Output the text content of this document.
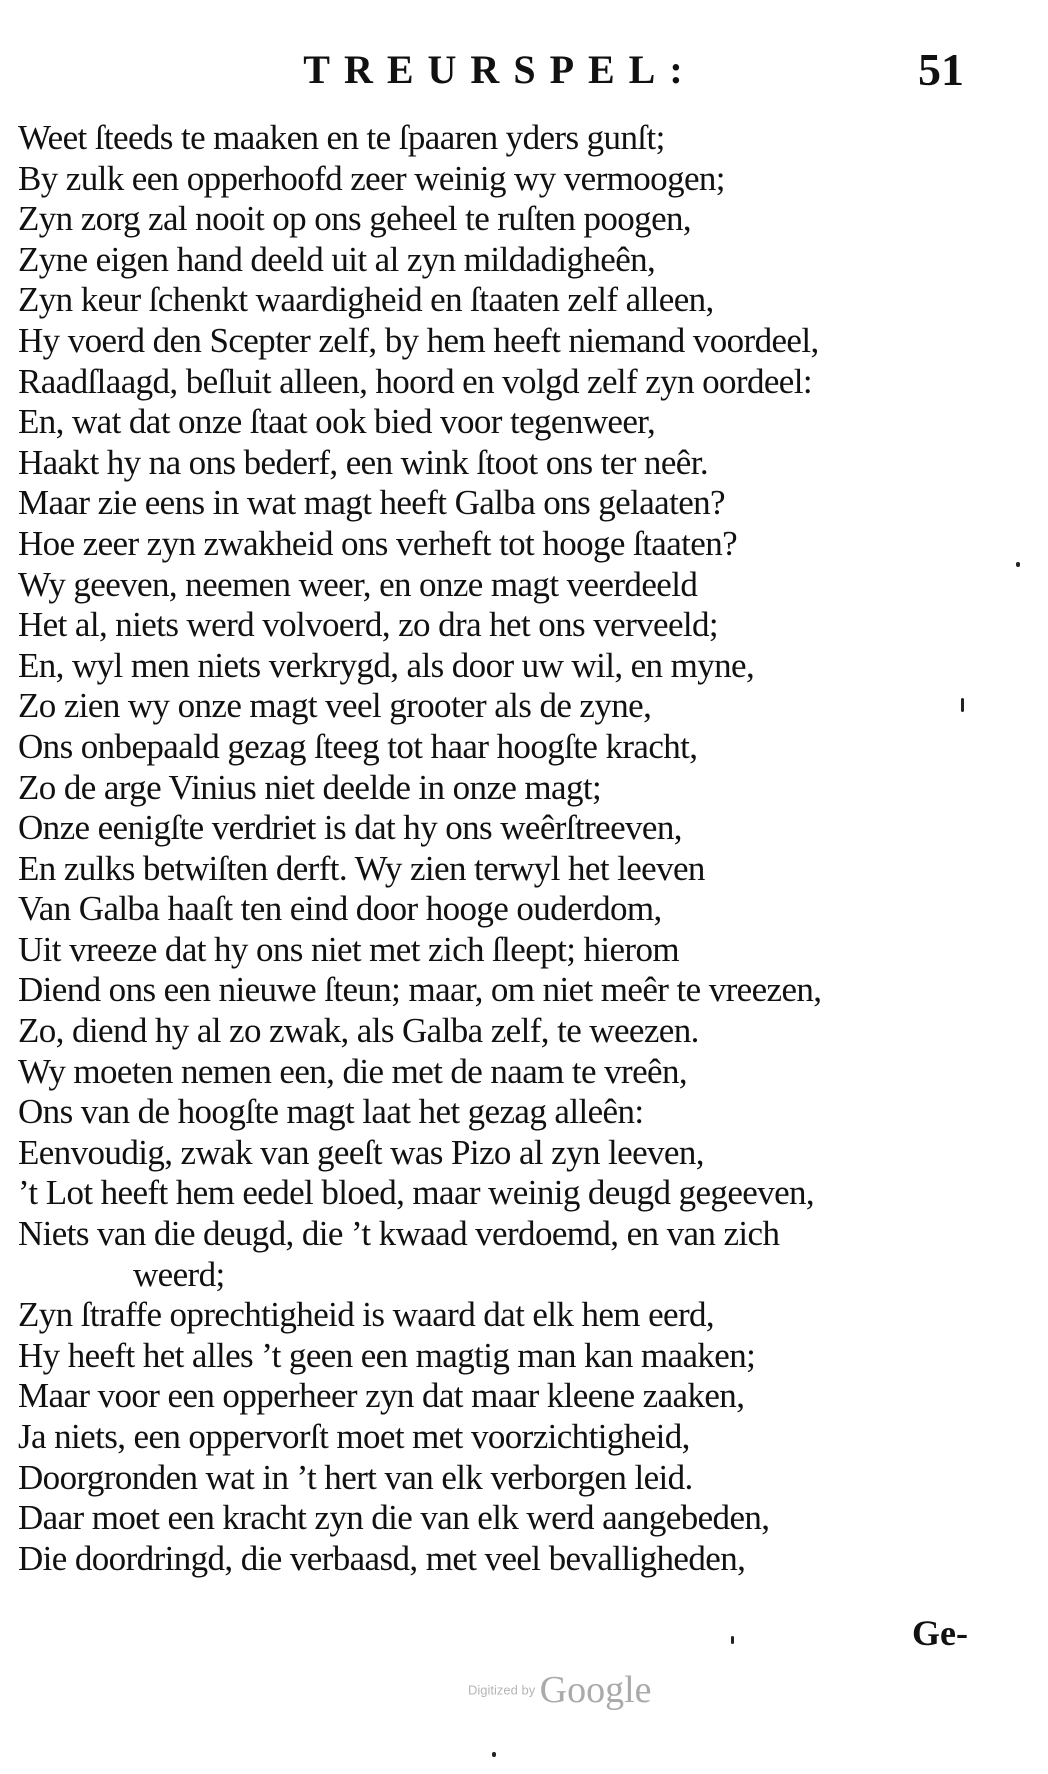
TREURSPEL:	51
Weet ſteeds te maaken en te ſpaaren yders gunſt;
By zulk een opperhoofd zeer weinig wy vermoogen;
Zyn zorg zal nooit op ons geheel te ruſten poogen,
Zyne eigen hand deeld uit al zyn mildadigheên,
Zyn keur ſchenkt waardigheid en ſtaaten zelf alleen,
Hy voerd den Scepter zelf, by hem heeft niemand voordeel,
Raadſlaagd, beſluit alleen, hoord en volgd zelf zyn oordeel:
En, wat dat onze ſtaat ook bied voor tegenweer,
Haakt hy na ons bederf, een wink ſtoot ons ter neêr.
Maar zie eens in wat magt heeft Galba ons gelaaten?
Hoe zeer zyn zwakheid ons verheft tot hooge ſtaaten?
Wy geeven, neemen weer, en onze magt veerdeeld
Het al, niets werd volvoerd, zo dra het ons verveeld;
En, wyl men niets verkrygd, als door uw wil, en myne,
Zo zien wy onze magt veel grooter als de zyne,
Ons onbepaald gezag ſteeg tot haar hoogſte kracht,
Zo de arge Vinius niet deelde in onze magt;
Onze eenigſte verdriet is dat hy ons weêrſtreeven,
En zulks betwiſten derft. Wy zien terwyl het leeven
Van Galba haaſt ten eind door hooge ouderdom,
Uit vreeze dat hy ons niet met zich ſleept; hierom
Diend ons een nieuwe ſteun; maar, om niet meêr te vreezen,
Zo, diend hy al zo zwak, als Galba zelf, te weezen.
Wy moeten nemen een, die met de naam te vreên,
Ons van de hoogſte magt laat het gezag alleên:
Eenvoudig, zwak van geeſt was Pizo al zyn leeven,
’t Lot heeft hem eedel bloed, maar weinig deugd gegeeven,
Niets van die deugd, die ’t kwaad verdoemd, en van zich
weerd;
Zyn ſtraffe oprechtigheid is waard dat elk hem eerd,
Hy heeft het alles ’t geen een magtig man kan maaken;
Maar voor een opperheer zyn dat maar kleene zaaken,
Ja niets, een oppervorſt moet met voorzichtigheid,
Doorgronden wat in ’t hert van elk verborgen leid.
Daar moet een kracht zyn die van elk werd aangebeden,
Die doordringd, die verbaasd, met veel bevalligheden,
Ge-
Digitized by Google
